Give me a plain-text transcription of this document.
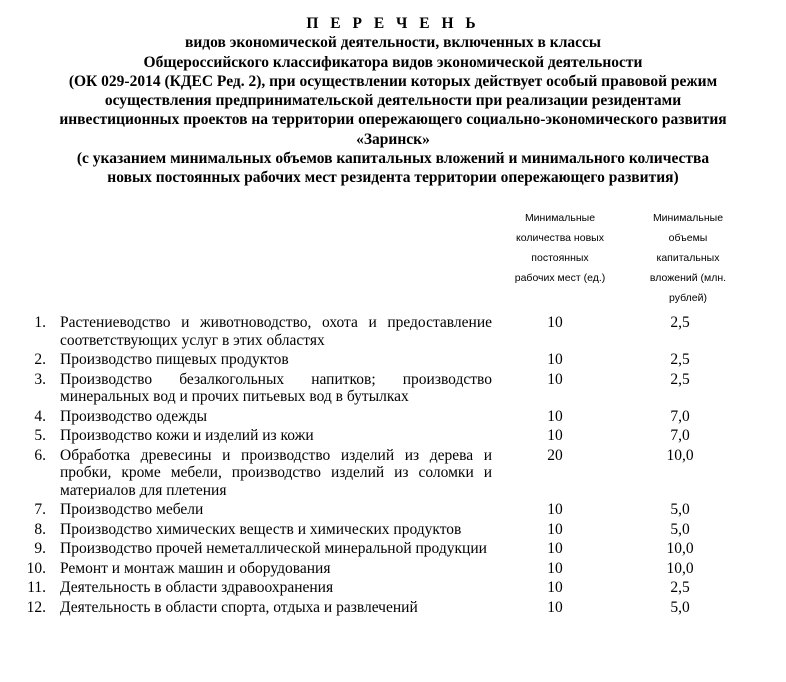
П Е Р Е Ч Е Н Ь
видов экономической деятельности, включенных в классы
Общероссийского классификатора видов экономической деятельности
(ОК 029-2014 (КДЕС Ред. 2), при осуществлении которых действует особый правовой режим
осуществления предпринимательской деятельности при реализации резидентами
инвестиционных проектов на территории опережающего социально-экономического развития
«Заринск»
(с указанием минимальных объемов капитальных вложений и минимального количества
новых постоянных рабочих мест резидента территории опережающего развития)
Минимальные
количества новых
постоянных
рабочих мест (ед.)
Минимальные
объемы
капитальных
вложений (млн.
рублей)
1. Растениеводство и животноводство, охота и предоставление соответствующих услуг в этих областях
10	2,5
2. Производство пищевых продуктов	10	2,5
3. Производство безалкогольных напитков; производство минеральных вод и прочих питьевых вод в бутылках
10	2,5
4. Производство одежды	10	7,0
5. Производство кожи и изделий из кожи	10	7,0
6. Обработка древесины и производство изделий из дерева и пробки, кроме мебели, производство изделий из соломки и материалов для плетения
20	10,0
7. Производство мебели	10	5,0
8. Производство химических веществ и химических продуктов	10	5,0
9. Производство прочей неметаллической минеральной продукции	10	10,0
10. Ремонт и монтаж машин и оборудования	10	10,0
11. Деятельность в области здравоохранения	10	2,5
12. Деятельность в области спорта, отдыха и развлечений	10	5,0
